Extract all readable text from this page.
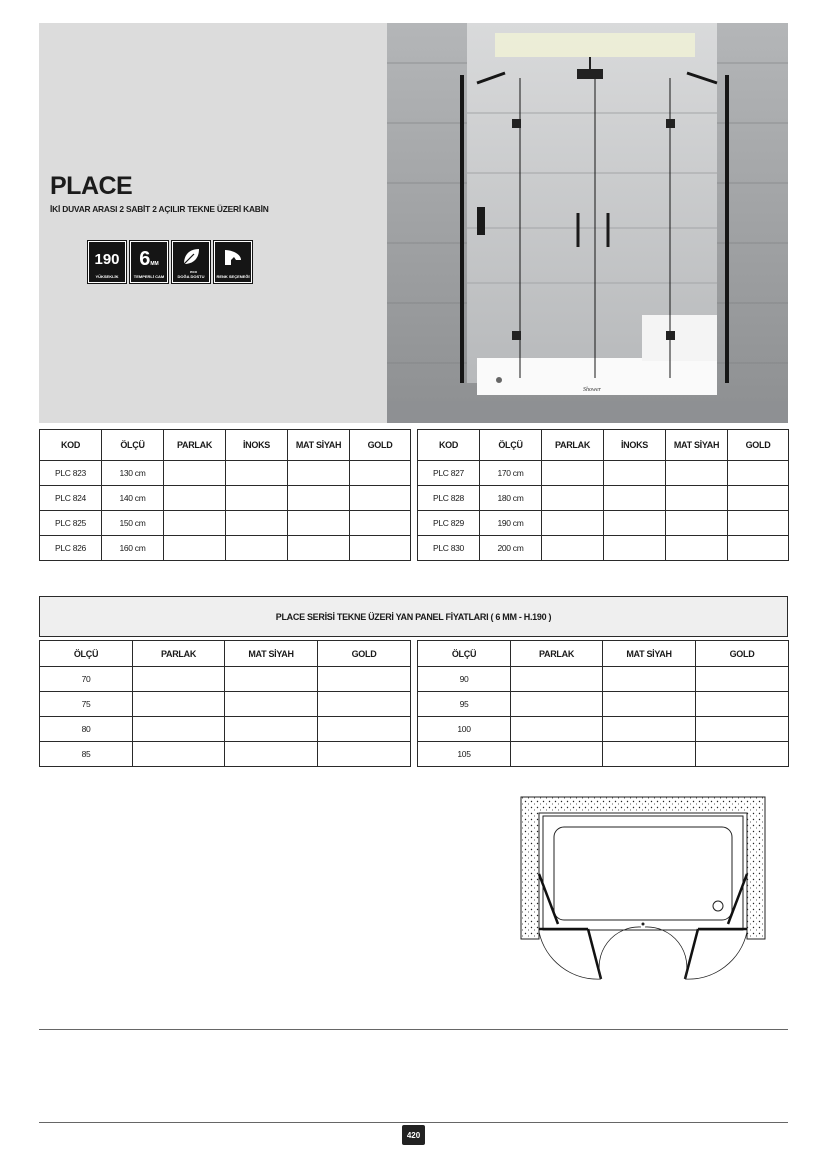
PLACE
İKİ DUVAR ARASI 2 SABİT 2 AÇILIR TEKNE ÜZERİ KABİN
190
YÜKSEKLİK
6MM
TEMPERLİ CAM
eco
DOĞA DOSTU	RENK SEÇENEĞİ
Shower
KOD	ÖLÇÜ	PARLAK	İNOKS	MAT SİYAH	GOLD
PLC 823	130 cm				
PLC 824	140 cm				
PLC 825	150 cm				
PLC 826	160 cm				
KOD	ÖLÇÜ	PARLAK	İNOKS	MAT SİYAH	GOLD
PLC 827	170 cm				
PLC 828	180 cm				
PLC 829	190 cm				
PLC 830	200 cm				
PLACE SERİSİ TEKNE ÜZERİ YAN PANEL FİYATLARI ( 6 MM - H.190 )
ÖLÇÜ	PARLAK	MAT SİYAH	GOLD
70			
75			
80			
85			
ÖLÇÜ	PARLAK	MAT SİYAH	GOLD
90			
95			
100			
105			
420
